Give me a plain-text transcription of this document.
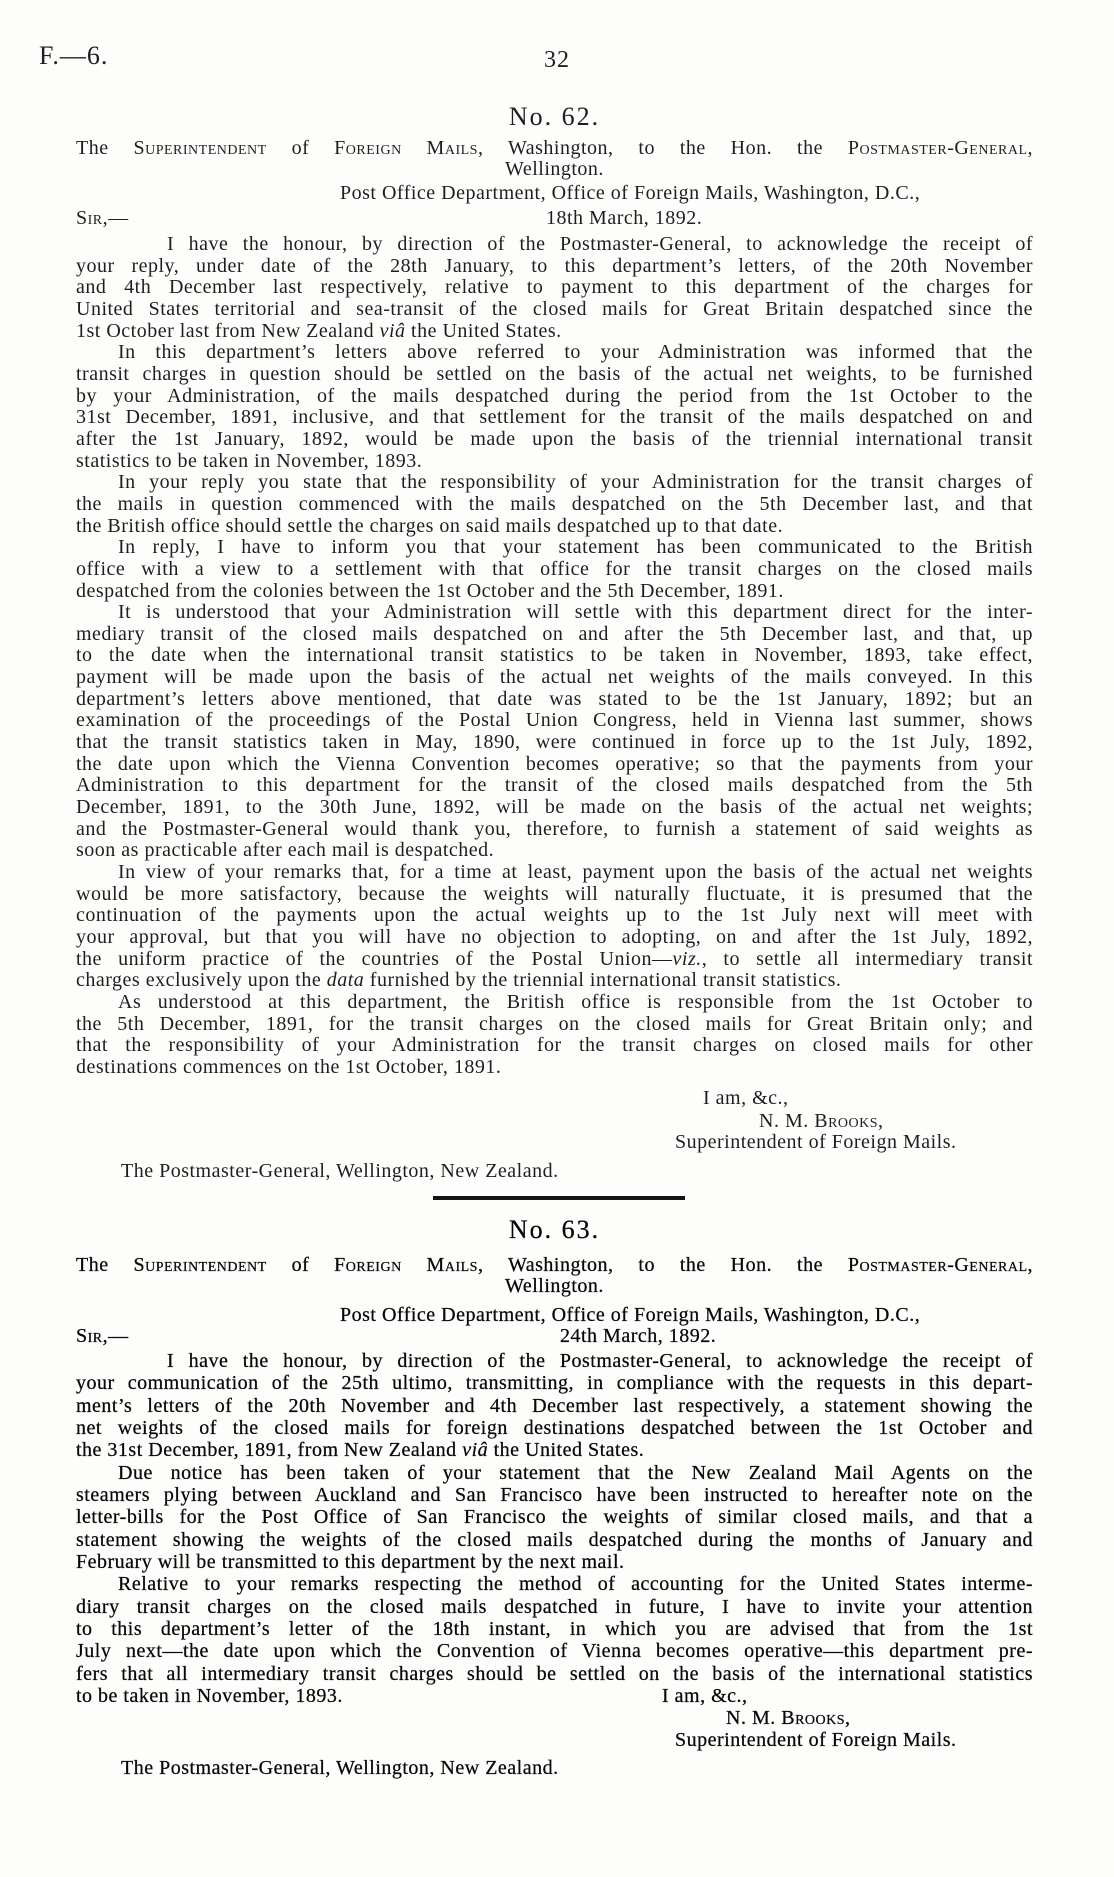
F.—6.	32
No. 62.
The Superintendent of Foreign Mails, Washington, to the Hon. the Postmaster-General,
Wellington.
Post Office Department, Office of Foreign Mails, Washington, D.C.,
Sir,—	18th March, 1892.
I have the honour, by direction of the Postmaster-General, to acknowledge the receipt of
your reply, under date of the 28th January, to this department’s letters, of the 20th November
and 4th December last respectively, relative to payment to this department of the charges for
United States territorial and sea-transit of the closed mails for Great Britain despatched since the
1st October last from New Zealand viâ the United States.
In this department’s letters above referred to your Administration was informed that the
transit charges in question should be settled on the basis of the actual net weights, to be furnished
by your Administration, of the mails despatched during the period from the 1st October to the
31st December, 1891, inclusive, and that settlement for the transit of the mails despatched on and
after the 1st January, 1892, would be made upon the basis of the triennial international transit
statistics to be taken in November, 1893.
In your reply you state that the responsibility of your Administration for the transit charges of
the mails in question commenced with the mails despatched on the 5th December last, and that
the British office should settle the charges on said mails despatched up to that date.
In reply, I have to inform you that your statement has been communicated to the British
office with a view to a settlement with that office for the transit charges on the closed mails
despatched from the colonies between the 1st October and the 5th December, 1891.
It is understood that your Administration will settle with this department direct for the inter-
mediary transit of the closed mails despatched on and after the 5th December last, and that, up
to the date when the international transit statistics to be taken in November, 1893, take effect,
payment will be made upon the basis of the actual net weights of the mails conveyed. In this
department’s letters above mentioned, that date was stated to be the 1st January, 1892; but an
examination of the proceedings of the Postal Union Congress, held in Vienna last summer, shows
that the transit statistics taken in May, 1890, were continued in force up to the 1st July, 1892,
the date upon which the Vienna Convention becomes operative; so that the payments from your
Administration to this department for the transit of the closed mails despatched from the 5th
December, 1891, to the 30th June, 1892, will be made on the basis of the actual net weights;
and the Postmaster-General would thank you, therefore, to furnish a statement of said weights as
soon as practicable after each mail is despatched.
In view of your remarks that, for a time at least, payment upon the basis of the actual net weights
would be more satisfactory, because the weights will naturally fluctuate, it is presumed that the
continuation of the payments upon the actual weights up to the 1st July next will meet with
your approval, but that you will have no objection to adopting, on and after the 1st July, 1892,
the uniform practice of the countries of the Postal Union—viz., to settle all intermediary transit
charges exclusively upon the data furnished by the triennial international transit statistics.
As understood at this department, the British office is responsible from the 1st October to
the 5th December, 1891, for the transit charges on the closed mails for Great Britain only; and
that the responsibility of your Administration for the transit charges on closed mails for other
destinations commences on the 1st October, 1891.
I am, &c.,
N. M. Brooks,
Superintendent of Foreign Mails.
The Postmaster-General, Wellington, New Zealand.
No. 63.
The Superintendent of Foreign Mails, Washington, to the Hon. the Postmaster-General,
Wellington.
Post Office Department, Office of Foreign Mails, Washington, D.C.,
Sir,—	24th March, 1892.
I have the honour, by direction of the Postmaster-General, to acknowledge the receipt of
your communication of the 25th ultimo, transmitting, in compliance with the requests in this depart-
ment’s letters of the 20th November and 4th December last respectively, a statement showing the
net weights of the closed mails for foreign destinations despatched between the 1st October and
the 31st December, 1891, from New Zealand viâ the United States.
Due notice has been taken of your statement that the New Zealand Mail Agents on the
steamers plying between Auckland and San Francisco have been instructed to hereafter note on the
letter-bills for the Post Office of San Francisco the weights of similar closed mails, and that a
statement showing the weights of the closed mails despatched during the months of January and
February will be transmitted to this department by the next mail.
Relative to your remarks respecting the method of accounting for the United States interme-
diary transit charges on the closed mails despatched in future, I have to invite your attention
to this department’s letter of the 18th instant, in which you are advised that from the 1st
July next—the date upon which the Convention of Vienna becomes operative—this department pre-
fers that all intermediary transit charges should be settled on the basis of the international statistics
to be taken in November, 1893.	I am, &c.,
N. M. Brooks,
Superintendent of Foreign Mails.
The Postmaster-General, Wellington, New Zealand.
